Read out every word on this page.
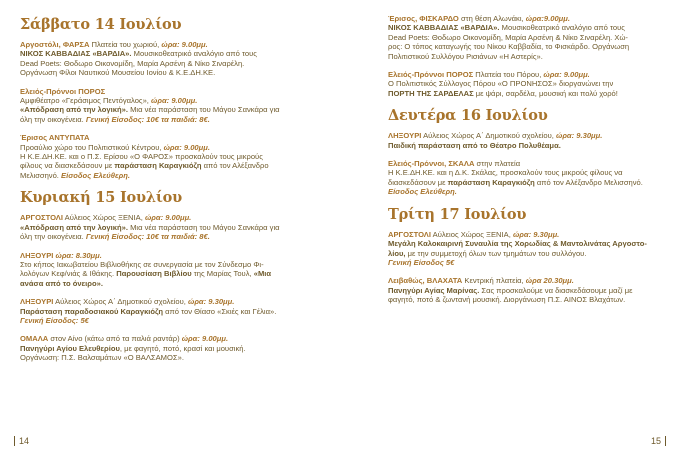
Σάββατο 14 Ιουλίου
Αργοστόλι, ΦΑΡΣΑ Πλατεία του χωριού, ώρα: 9.00μμ.
ΝΙΚΟΣ ΚΑΒΒΑΔΙΑΣ «ΒΑΡΔΙΑ». Μουσικοθεατρικό αναλόγιο από τους
Dead Poets: Θοδωρο Οικονομίδη, Μαρία Αρσένη & Νίκο Σιναρέλη.
Οργάνωση Φίλοι Ναυτικού Μουσείου Ιονίου & Κ.Ε.ΔΗ.ΚΕ.
Ελειός-Πρόννοι ΠΟΡΟΣ
Αμφιθέατρο «Γεράσιμος Πεντόγαλος», ώρα: 9.00μμ.
«Απόδραση από την λογική». Μια νέα παράσταση του Μάγου Σανκάρα για
όλη την οικογένεια. Γενική Είσοδος: 10€ τα παιδιά: 8€.
Έρισος ΑΝΤΥΠΑΤΑ
Προαύλιο χώρο του Πολιτιστικού Κέντρου, ώρα: 9.00μμ.
Η Κ.Ε.ΔΗ.ΚΕ. και ο Π.Σ. Ερίσου «Ο ΦΑΡΟΣ» προσκαλούν τους μικρούς
φίλους να διασκεδάσουν με παράσταση Καραγκιόζη από τον Αλέξανδρο
Μελισσηνό. Είσοδος Ελεύθερη.
Κυριακή 15 Ιουλίου
ΑΡΓΟΣΤΟΛΙ Αύλειος Χώρος ΞΕΝΙΑ, ώρα: 9.00μμ.
«Απόδραση από την λογική». Μια νέα παράσταση του Μάγου Σανκάρα για
όλη την οικογένεια. Γενική Είσοδος: 10€ τα παιδιά: 8€.
ΛΗΞΟΥΡΙ ώρα: 8.30μμ.
Στο κήπος Ιακωβατείου Βιβλιοθήκης σε συνεργασία με τον Σύνδεσμο Φι-
λολόγων Κεφ/νιάς & Ιθάκης. Παρουσίαση Βιβλίου της Μαρίας Τουλ, «Μια
ανάσα από το όνειρο».
ΛΗΞΟΥΡΙ Αύλειος Χώρος Α΄ Δημοτικού σχολείου, ώρα: 9.30μμ.
Παράσταση παραδοσιακού Καραγκιόζη από τον Θίασο «Σκιές και Γέλια».
Γενική Είσοδος: 5€
ΟΜΑΛΑ στον Αίνο (κάτω από τα παλιά ραντάρ) ώρα: 9.00μμ.
Πανηγύρι Αγίου Ελευθερίου, με φαγητό, ποτό, κρασί και μουσική.
Οργάνωση: Π.Σ. Βαλσαμάτων «Ο ΒΑΛΣΑΜΟΣ».
14
Έρισος, ΦΙΣΚΑΡΔΟ στη θέση Αλωνάκι, ώρα:9.00μμ.
ΝΙΚΟΣ ΚΑΒΒΑΔΙΑΣ «ΒΑΡΔΙΑ». Μουσικοθεατρικό αναλόγιο από τους
Dead Poets: Θοδωρο Οικονομίδη, Μαρία Αρσένη & Νίκο Σιναρέλη. Χώ-
ρος: Ο τόπος καταγωγής του Νίκου Καββαδία, το Φισκάρδο. Οργάνωση
Πολιτιστικού Συλλόγου Ρισιάνων «Η Αστερίς».
Ελειός-Πρόννοι ΠΟΡΟΣ Πλατεία του Πόρου, ώρα: 9.00μμ.
Ο Πολιτιστικός Σύλλογος Πόρου «Ο ΠΡΟΝΗΣΟΣ» διοργανώνει την
ΠΟΡΤΗ ΤΗΣ ΣΑΡΔΕΛΑΣ με ψάρι, σαρδέλα, μουσική και πολύ χορό!
Δευτέρα 16 Ιουλίου
ΛΗΞΟΥΡΙ Αύλειος Χώρος Α΄ Δημοτικού σχολείου, ώρα: 9.30μμ.
Παιδική παράσταση από το Θέατρο Πολυθέαμα.
Ελειός-Πρόννοι, ΣΚΑΛΑ στην πλατεία
Η Κ.Ε.ΔΗ.ΚΕ. και η Δ.Κ. Σκάλας, προσκαλούν τους μικρούς φίλους να
διασκεδάσουν με παράσταση Καραγκιόζη από τον Αλέξανδρο Μελισσηνό.
Είσοδος Ελεύθερη.
Τρίτη 17 Ιουλίου
ΑΡΓΟΣΤΟΛΙ Αύλειος Χώρος ΞΕΝΙΑ, ώρα: 9.30μμ.
Μεγάλη Καλοκαιρινή Συναυλία της Χορωδίας & Μαντολινάτας Αργοστο-
λίου, με την συμμετοχή όλων των τμημάτων του συλλόγου.
Γενική Είσοδος 5€
Λειβαθώς, ΒΛΑΧΑΤΑ Κεντρική πλατεία, ώρα 20.30μμ.
Πανηγύρι Αγίας Μαρίνας. Σας προσκαλούμε να διασκεδάσουμε μαζί με
φαγητό, ποτό & ζωντανή μουσική. Διοργάνωση Π.Σ. ΑΙΝΟΣ Βλαχάτων.
15
